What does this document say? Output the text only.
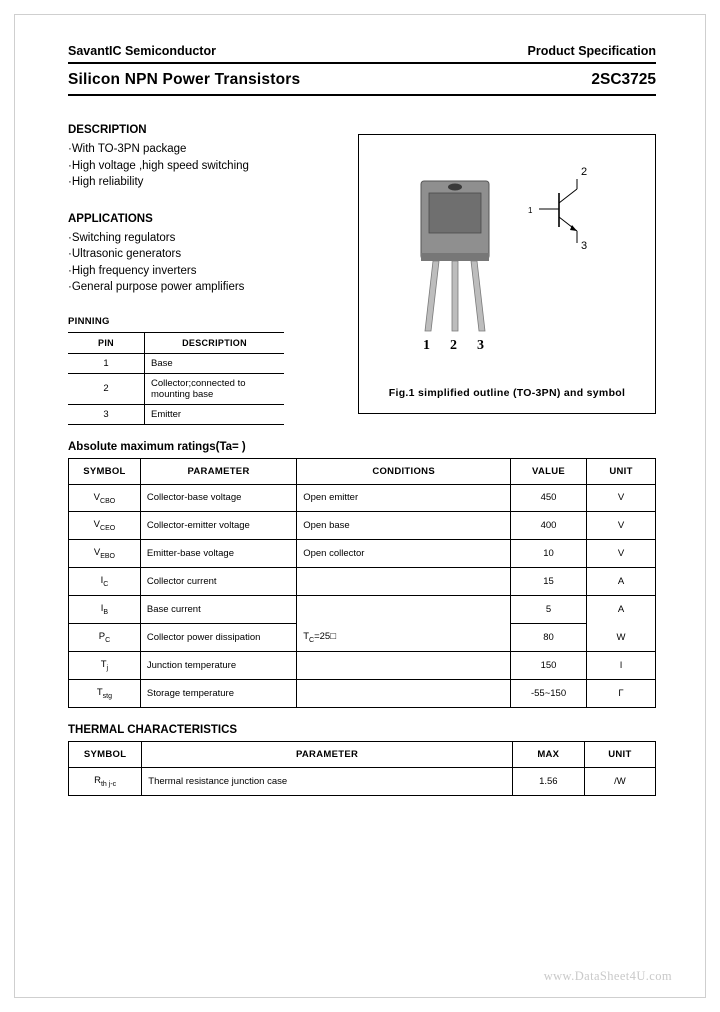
SavantIC Semiconductor	Product Specification
Silicon NPN Power Transistors	2SC3725
DESCRIPTION
·With TO-3PN package
·High voltage ,high speed switching
·High reliability
APPLICATIONS
·Switching regulators
·Ultrasonic generators
·High frequency inverters
·General purpose power amplifiers
PINNING
PIN	DESCRIPTION
1	Base
2	Collector;connected to mounting base
3	Emitter
1 2 3
1
2
3
Fig.1 simplified outline (TO-3PN) and symbol
Absolute maximum ratings(Ta= )
SYMBOL	PARAMETER	CONDITIONS	VALUE	UNIT
$V_{CBO}$	Collector-base voltage	Open emitter	450	V
$V_{CEO}$	Collector-emitter voltage	Open base	400	V
$V_{EBO}$	Emitter-base voltage	Open collector	10	V
$I_C$	Collector current		15	A
$I_B$	Base current		5	A
$P_C$	Collector power dissipation	$T_C=25□$	80	W
$T_j$	Junction temperature		150	l
$T_{stg}$	Storage temperature		-55~150	Γ
THERMAL CHARACTERISTICS
SYMBOL	PARAMETER	MAX	UNIT
$R_{th j-c}$	Thermal resistance junction case	1.56	/W
www.DataSheet4U.com
